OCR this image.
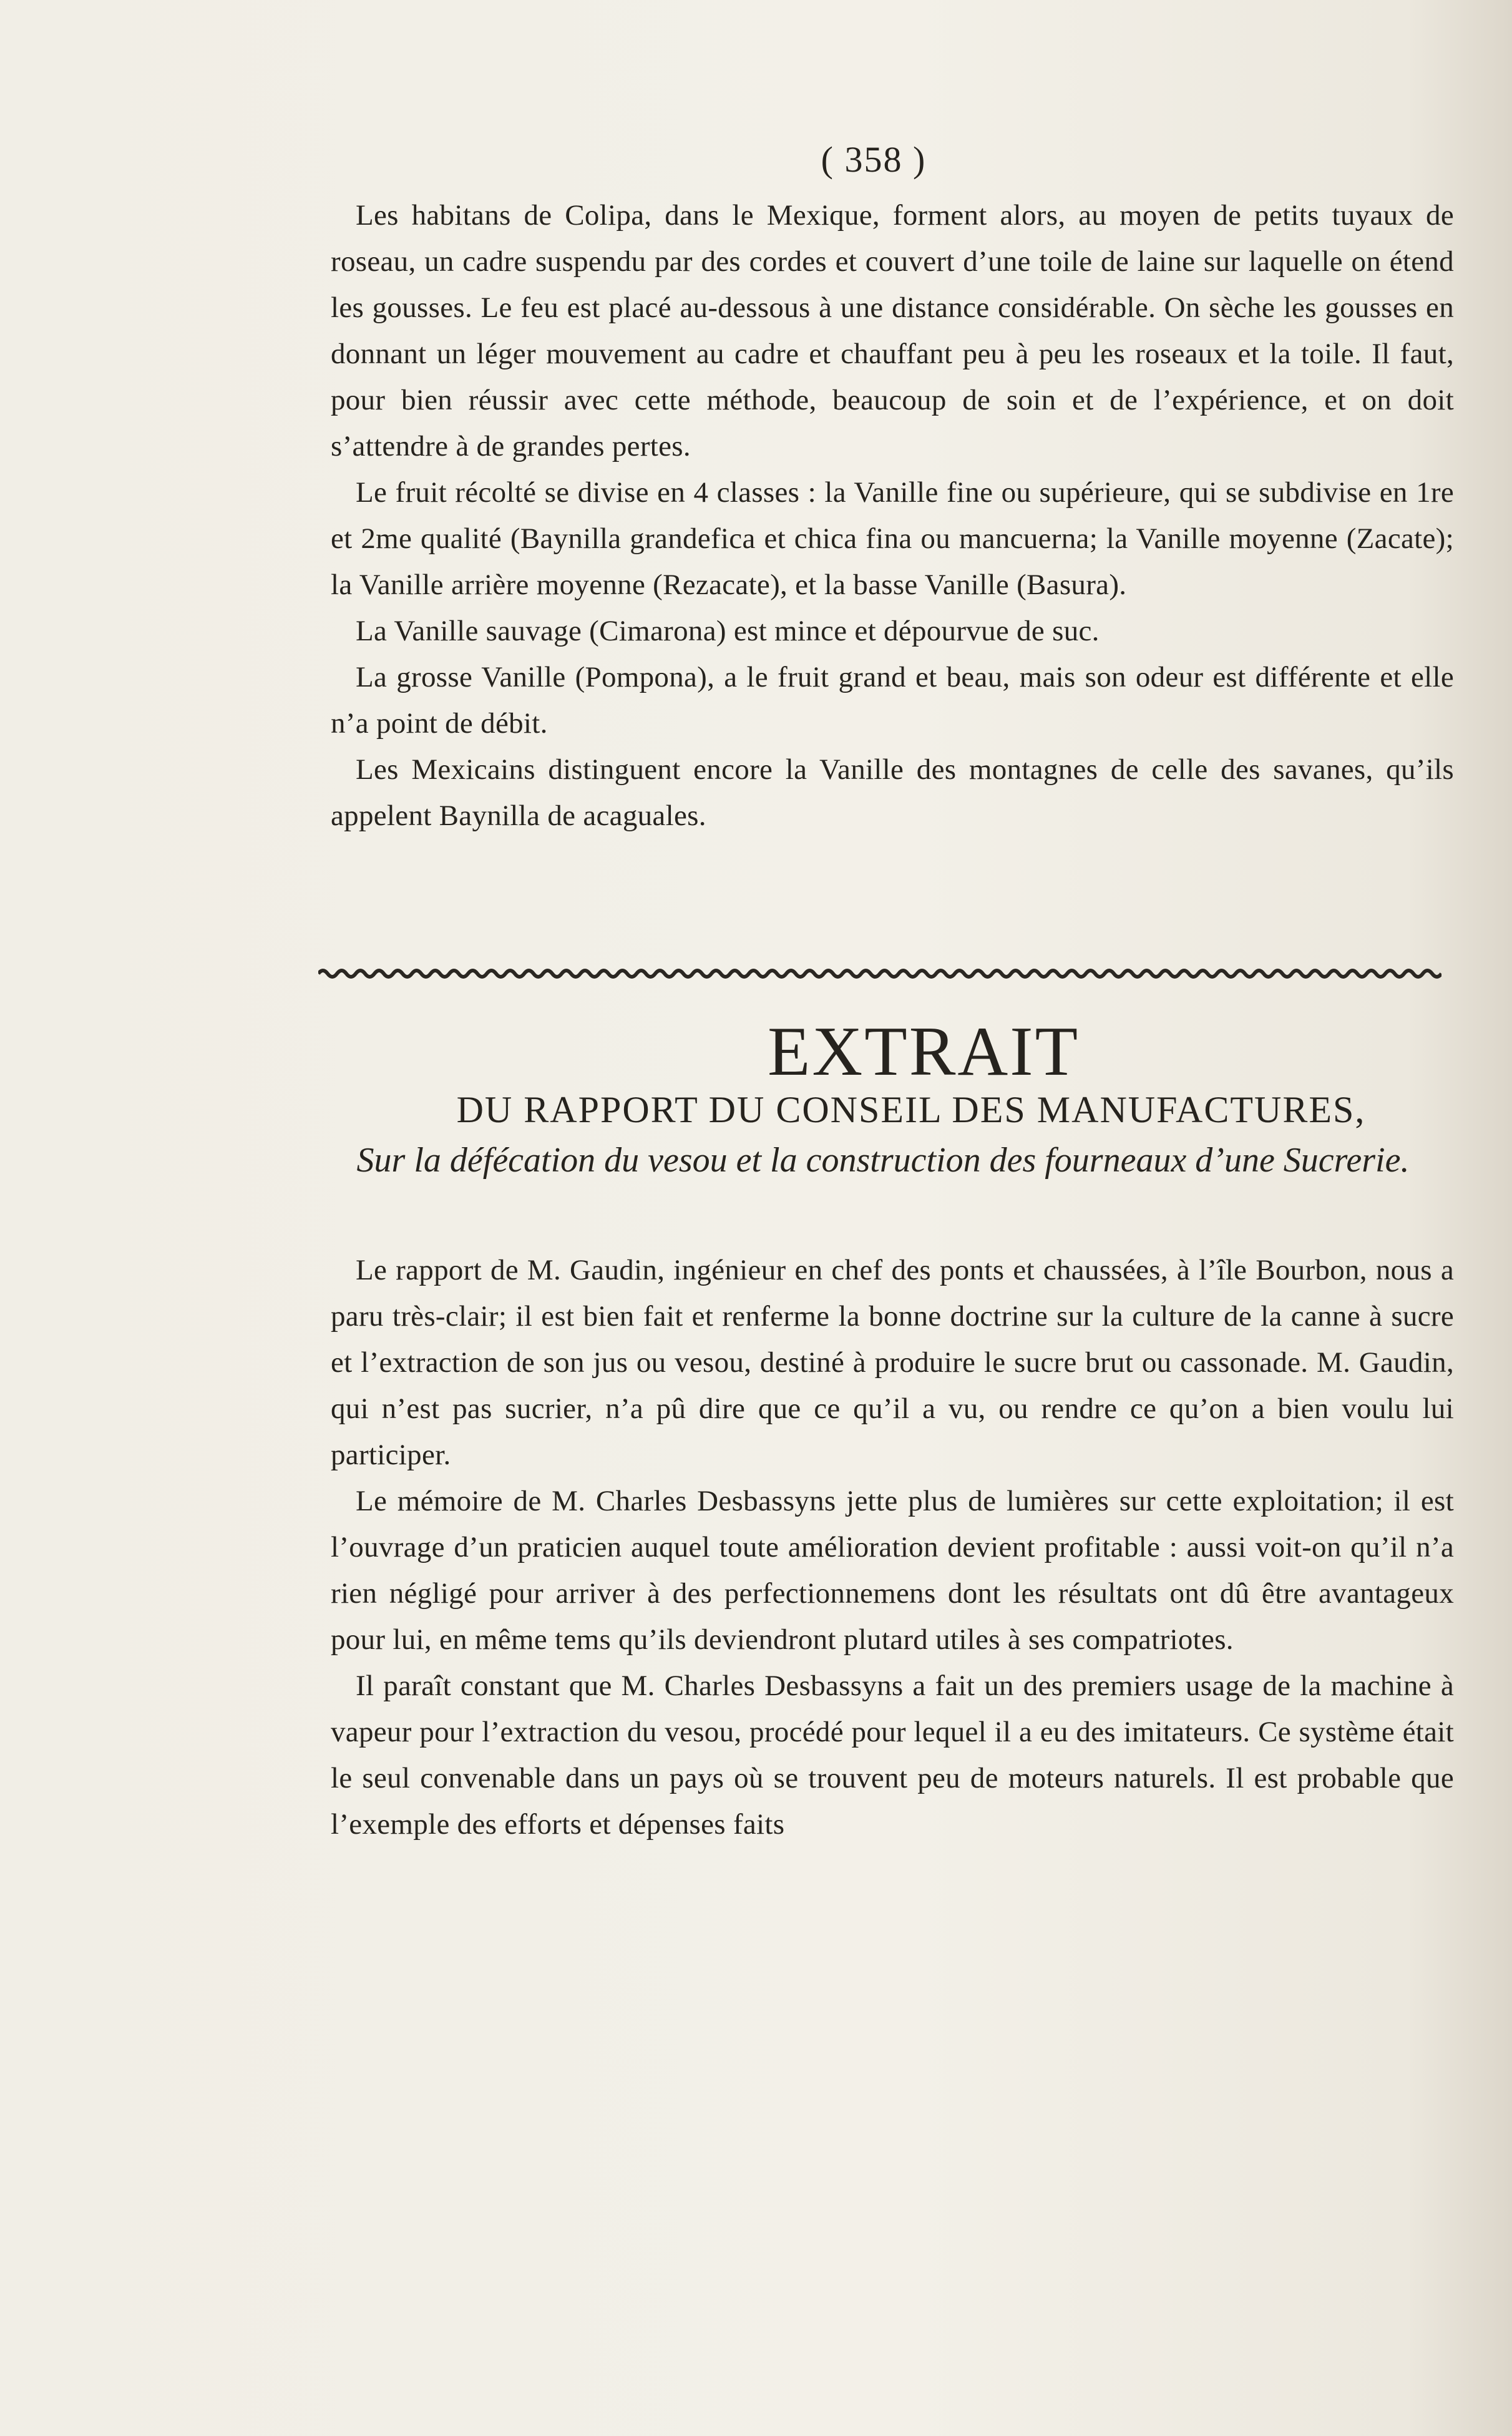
( 358 )

Les habitans de Colipa, dans le Mexique, forment alors, au moyen de petits tuyaux de roseau, un cadre suspendu par des cordes et couvert d’une toile de laine sur laquelle on étend les gousses. Le feu est placé au-dessous à une distance considérable. On sèche les gousses en donnant un léger mouvement au cadre et chauffant peu à peu les roseaux et la toile. Il faut, pour bien réussir avec cette méthode, beaucoup de soin et de l’expérience, et on doit s’attendre à de grandes pertes.

Le fruit récolté se divise en 4 classes : la Vanille fine ou supérieure, qui se subdivise en 1re et 2me qualité (Baynilla grandefica et chica fina ou mancuerna; la Vanille moyenne (Zacate); la Vanille arrière moyenne (Rezacate), et la basse Vanille (Basura).

La Vanille sauvage (Cimarona) est mince et dépourvue de suc.

La grosse Vanille (Pompona), a le fruit grand et beau, mais son odeur est différente et elle n’a point de débit.

Les Mexicains distinguent encore la Vanille des montagnes de celle des savanes, qu’ils appelent Baynilla de acaguales.

EXTRAIT
DU RAPPORT DU CONSEIL DES MANUFACTURES,
Sur la défécation du vesou et la construction des fourneaux d’une Sucrerie.

Le rapport de M. Gaudin, ingénieur en chef des ponts et chaussées, à l’île Bourbon, nous a paru très-clair; il est bien fait et renferme la bonne doctrine sur la culture de la canne à sucre et l’extraction de son jus ou vesou, destiné à produire le sucre brut ou cassonade. M. Gaudin, qui n’est pas sucrier, n’a pû dire que ce qu’il a vu, ou rendre ce qu’on a bien voulu lui participer.

Le mémoire de M. Charles Desbassyns jette plus de lumières sur cette exploitation; il est l’ouvrage d’un praticien auquel toute amélioration devient profitable : aussi voit-on qu’il n’a rien négligé pour arriver à des perfectionnemens dont les résultats ont dû être avantageux pour lui, en même tems qu’ils deviendront plutard utiles à ses compatriotes.

Il paraît constant que M. Charles Desbassyns a fait un des premiers usage de la machine à vapeur pour l’extraction du vesou, procédé pour lequel il a eu des imitateurs. Ce système était le seul convenable dans un pays où se trouvent peu de moteurs naturels. Il est probable que l’exemple des efforts et dépenses faits
